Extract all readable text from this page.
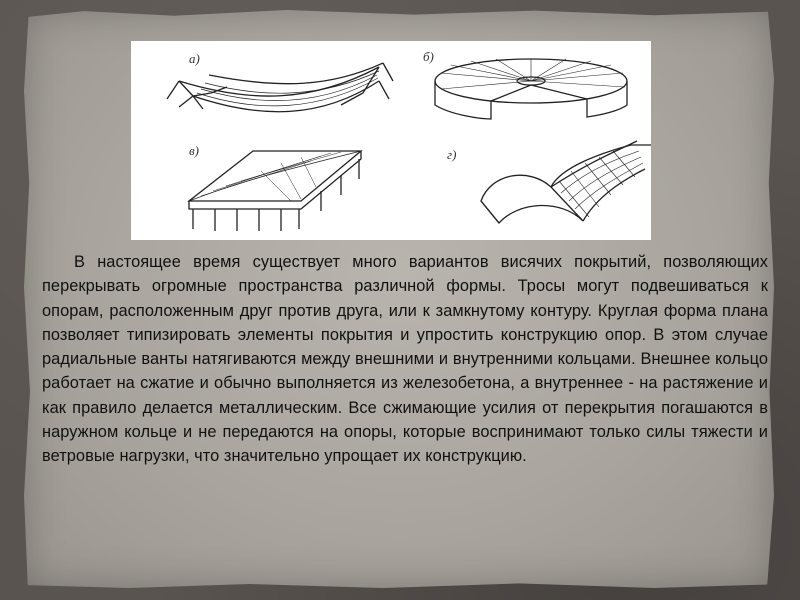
а)	б)
в)	г)
В настоящее время существует много вариантов висячих покрытий, позволяющих перекрывать огромные пространства различной формы. Тросы могут подвешиваться к опорам, расположенным друг против друга, или к замкнутому контуру. Круглая форма плана позволяет типизировать элементы покрытия и упростить конструкцию опор. В этом случае радиальные ванты натягиваются между внешними и внутренними кольцами. Внешнее кольцо работает на сжатие и обычно выполняется из железобетона, а внутреннее - на растяжение и как правило делается металлическим. Все сжимающие усилия от перекрытия погашаются в наружном кольце и не передаются на опоры, которые воспринимают только силы тяжести и ветровые нагрузки, что значительно упрощает их конструкцию.
